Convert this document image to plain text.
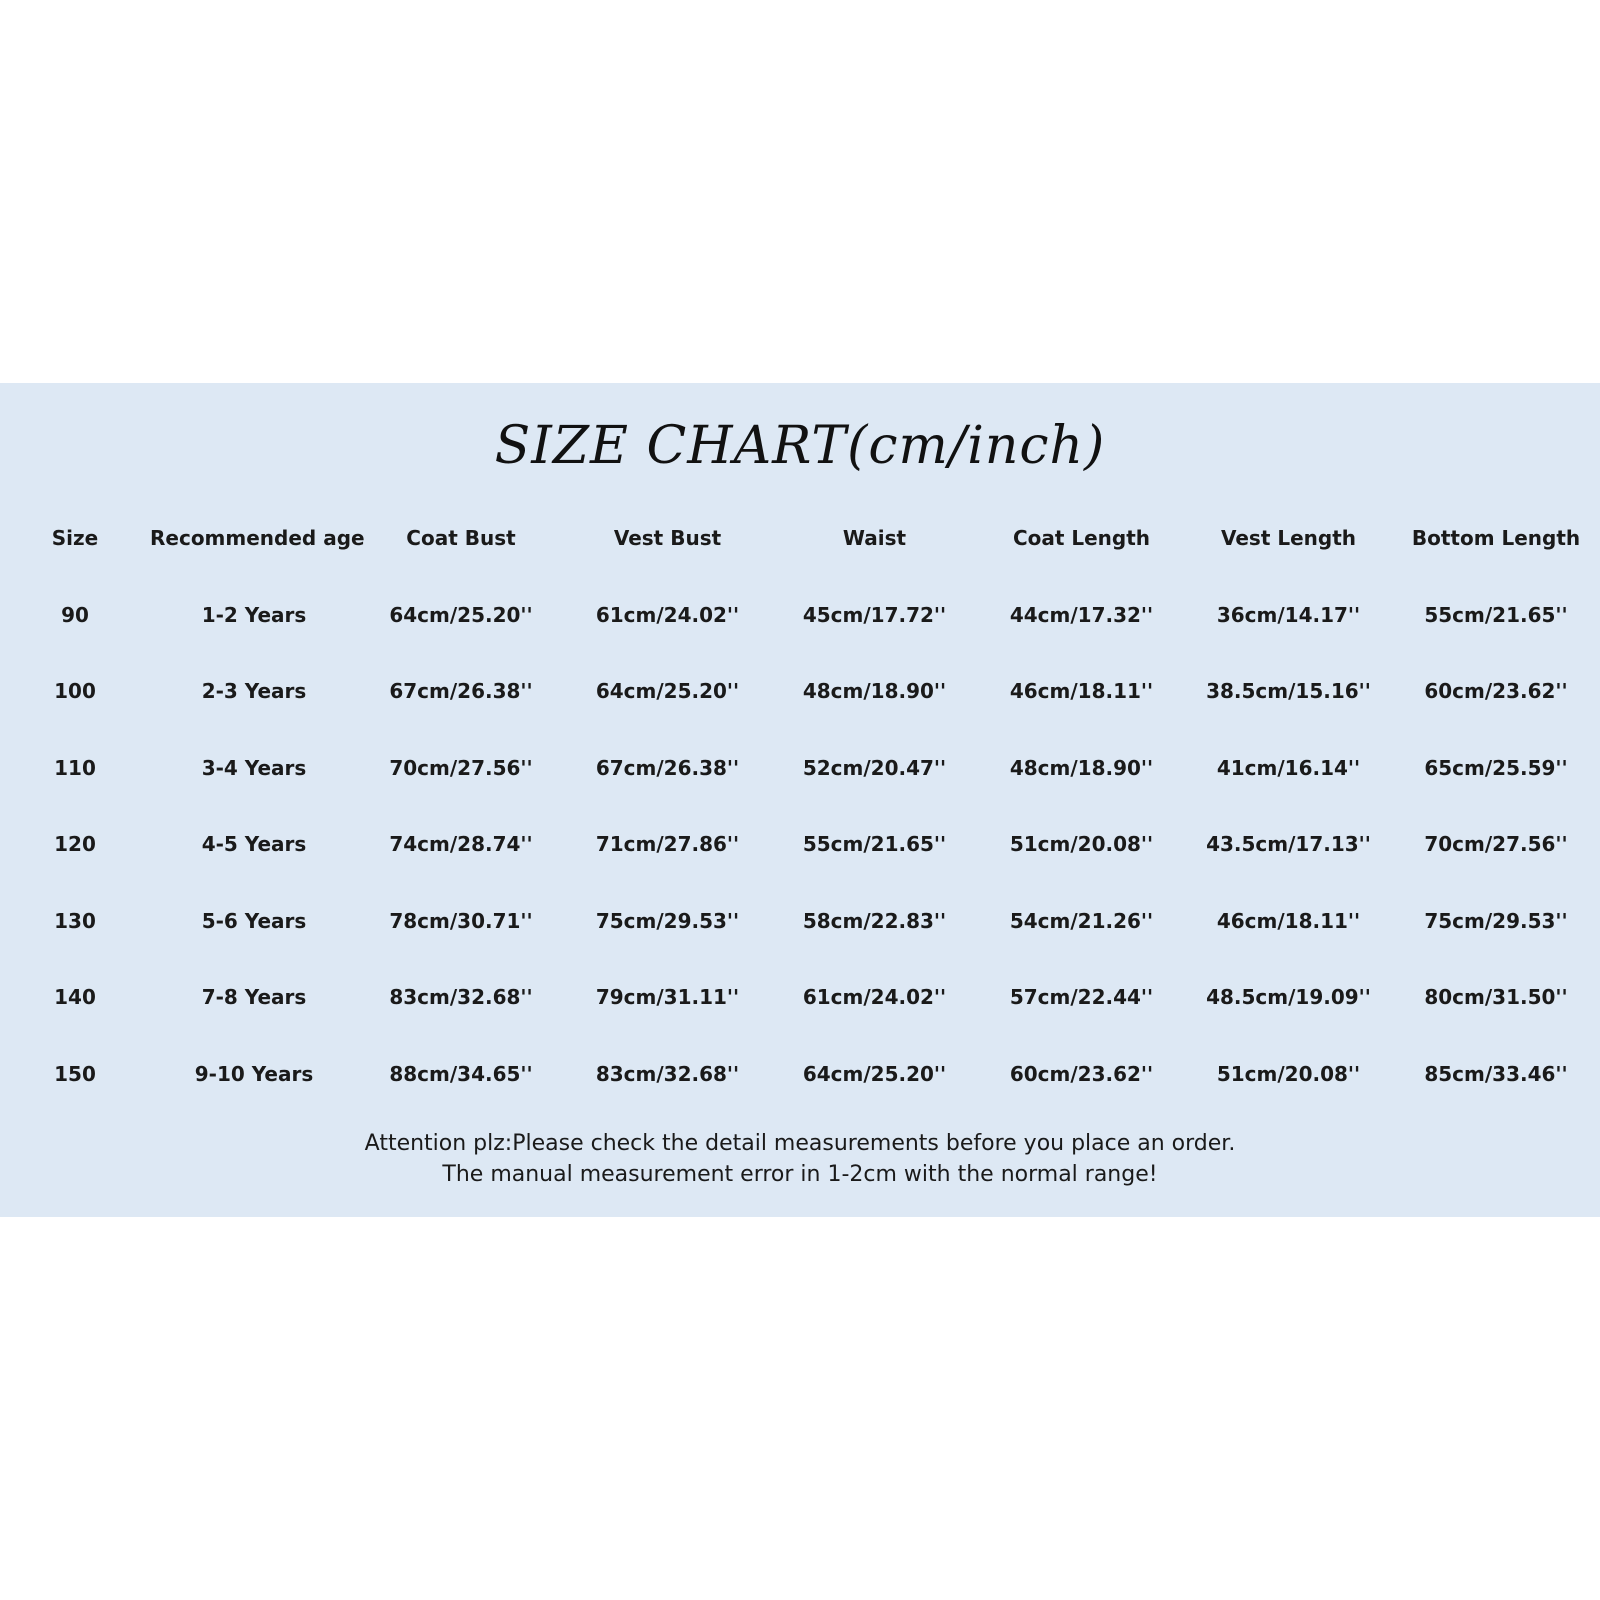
SIZE CHART(cm/inch)
Size	Recommended age	Coat Bust	Vest Bust	Waist	Coat Length	Vest Length	Bottom Length
90	1-2 Years	64cm/25.20''	61cm/24.02''	45cm/17.72''	44cm/17.32''	36cm/14.17''	55cm/21.65''
100	2-3 Years	67cm/26.38''	64cm/25.20''	48cm/18.90''	46cm/18.11''	38.5cm/15.16''	60cm/23.62''
110	3-4 Years	70cm/27.56''	67cm/26.38''	52cm/20.47''	48cm/18.90''	41cm/16.14''	65cm/25.59''
120	4-5 Years	74cm/28.74''	71cm/27.86''	55cm/21.65''	51cm/20.08''	43.5cm/17.13''	70cm/27.56''
130	5-6 Years	78cm/30.71''	75cm/29.53''	58cm/22.83''	54cm/21.26''	46cm/18.11''	75cm/29.53''
140	7-8 Years	83cm/32.68''	79cm/31.11''	61cm/24.02''	57cm/22.44''	48.5cm/19.09''	80cm/31.50''
150	9-10 Years	88cm/34.65''	83cm/32.68''	64cm/25.20''	60cm/23.62''	51cm/20.08''	85cm/33.46''
Attention plz:Please check the detail measurements before you place an order.
The manual measurement error in 1-2cm with the normal range!
